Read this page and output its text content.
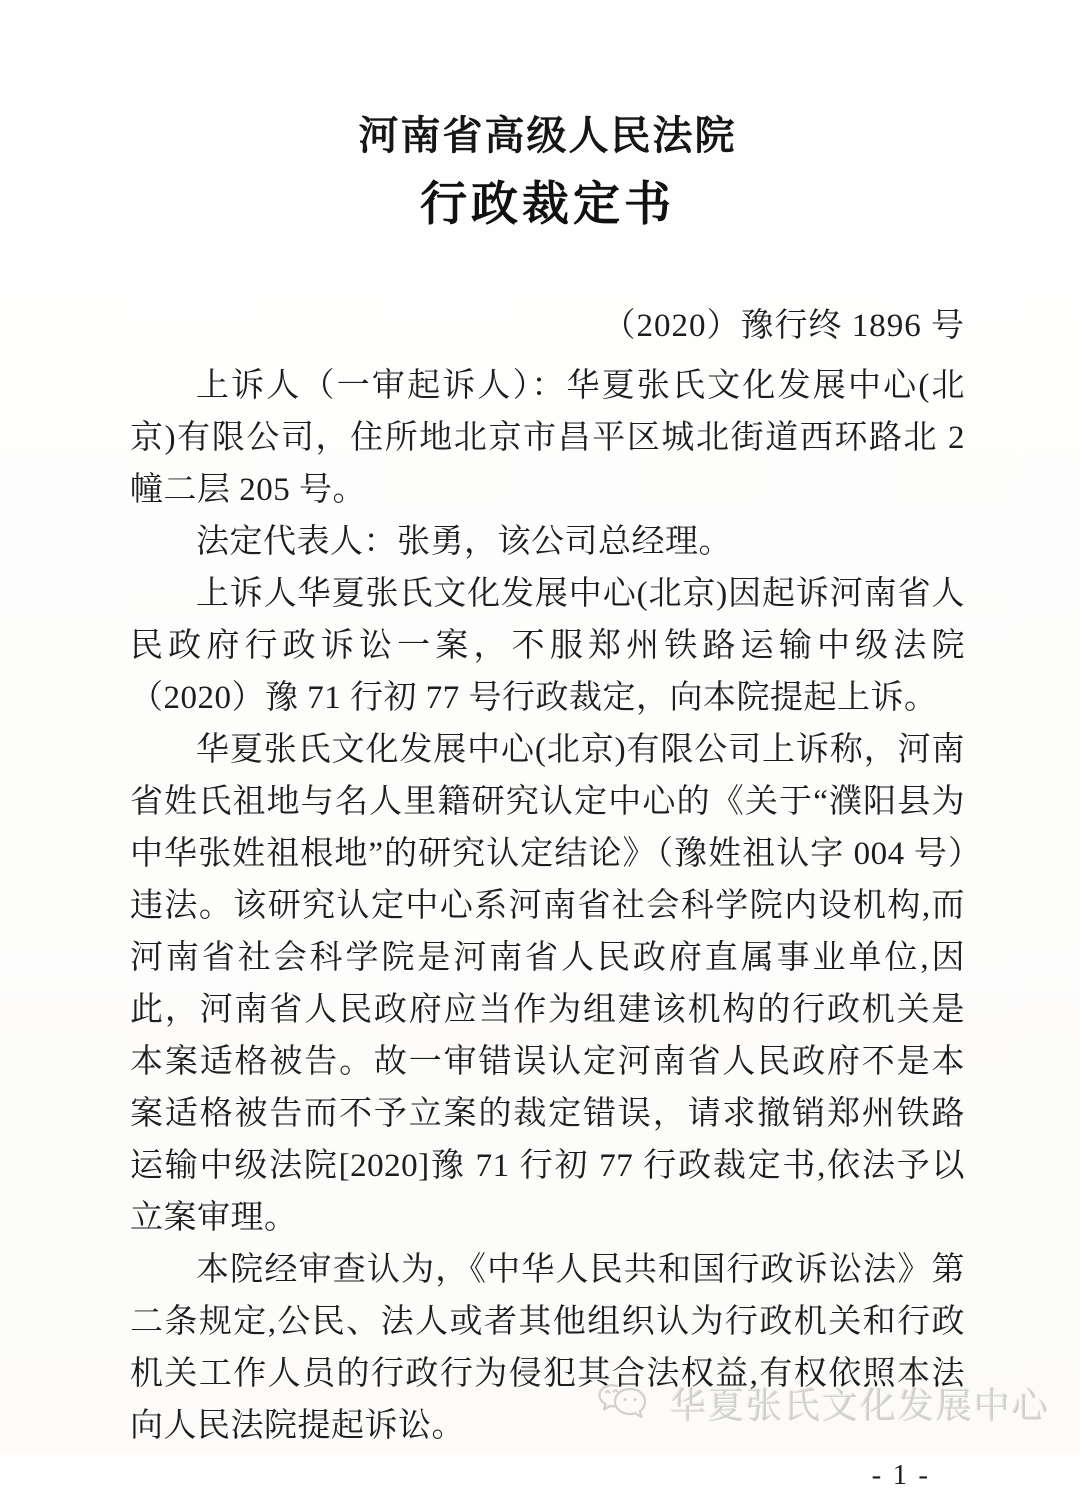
河南省高级人民法院
行政裁定书
（2020）豫行终 1896 号

上诉人（一审起诉人）：华夏张氏文化发展中心(北京)有限公司，住所地北京市昌平区城北街道西环路北 2 幢二层 205 号。

法定代表人：张勇，该公司总经理。

上诉人华夏张氏文化发展中心(北京)因起诉河南省人民政府行政诉讼一案，不服郑州铁路运输中级法院（2020）豫 71 行初 77 号行政裁定，向本院提起上诉。

华夏张氏文化发展中心(北京)有限公司上诉称，河南省姓氏祖地与名人里籍研究认定中心的《关于“濮阳县为中华张姓祖根地”的研究认定结论》（豫姓祖认字 004 号）违法。该研究认定中心系河南省社会科学院内设机构,而河南省社会科学院是河南省人民政府直属事业单位,因此，河南省人民政府应当作为组建该机构的行政机关是本案适格被告。故一审错误认定河南省人民政府不是本案适格被告而不予立案的裁定错误，请求撤销郑州铁路运输中级法院[2020]豫 71 行初 77 行政裁定书,依法予以立案审理。

本院经审查认为，《中华人民共和国行政诉讼法》第二条规定,公民、法人或者其他组织认为行政机关和行政机关工作人员的行政行为侵犯其合法权益,有权依照本法向人民法院提起诉讼。

- 1 -
华夏张氏文化发展中心
